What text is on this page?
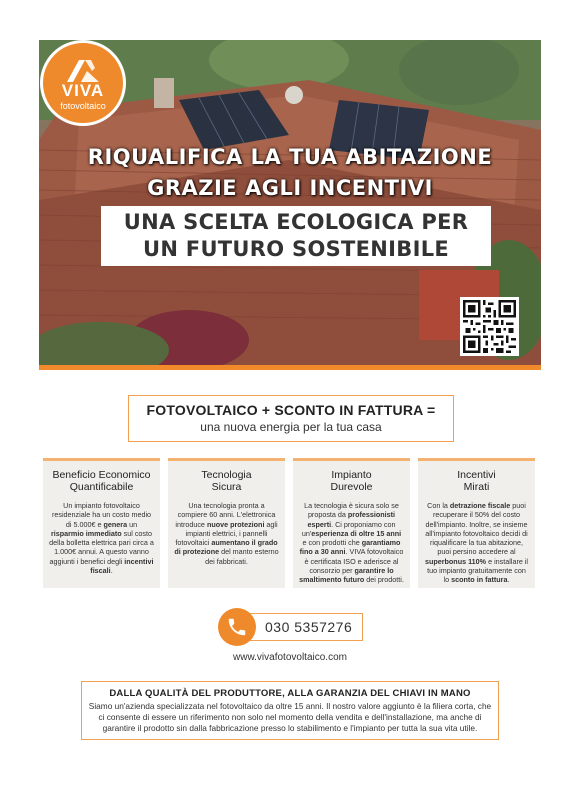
VIVA
fotovoltaico
RIQUALIFICA LA TUA ABITAZIONE
GRAZIE AGLI INCENTIVI
UNA SCELTA ECOLOGICA PER
UN FUTURO SOSTENIBILE
FOTOVOLTAICO + SCONTO IN FATTURA =
una nuova energia per la tua casa
Beneficio Economico
Quantificabile
Un impianto fotovoltaico residenziale ha un costo medio di 5.000€ e genera un risparmio immediato sul costo della bolletta elettrica pari circa a 1.000€ annui. A questo vanno aggiunti i benefici degli incentivi fiscali.
Tecnologia
Sicura
Una tecnologia pronta a compiere 60 anni. L'elettronica introduce nuove protezioni agli impianti elettrici, i pannelli fotovoltaici aumentano il grado di protezione del manto esterno dei fabbricati.
Impianto
Durevole
La tecnologia è sicura solo se proposta da professionisti esperti. Ci proponiamo con un'esperienza di oltre 15 anni e con prodotti che garantiamo fino a 30 anni. VIVA fotovoltaico è certificata ISO e aderisce al consorzio per garantire lo smaltimento futuro dei prodotti.
Incentivi
Mirati
Con la detrazione fiscale puoi recuperare il 50% del costo dell'impianto. Inoltre, se insieme all'impianto fotovoltaico decidi di riqualificare la tua abitazione, puoi persino accedere al superbonus 110% e installare il tuo impianto gratuitamente con lo sconto in fattura.
030 5357276
www.vivafotovoltaico.com
DALLA QUALITÀ DEL PRODUTTORE, ALLA GARANZIA DEL CHIAVI IN MANO
Siamo un'azienda specializzata nel fotovoltaico da oltre 15 anni. Il nostro valore aggiunto è la filiera corta, che ci consente di essere un riferimento non solo nel momento della vendita e dell'installazione, ma anche di garantire il prodotto sin dalla fabbricazione presso lo stabilimento e l'impianto per tutta la sua vita utile.
